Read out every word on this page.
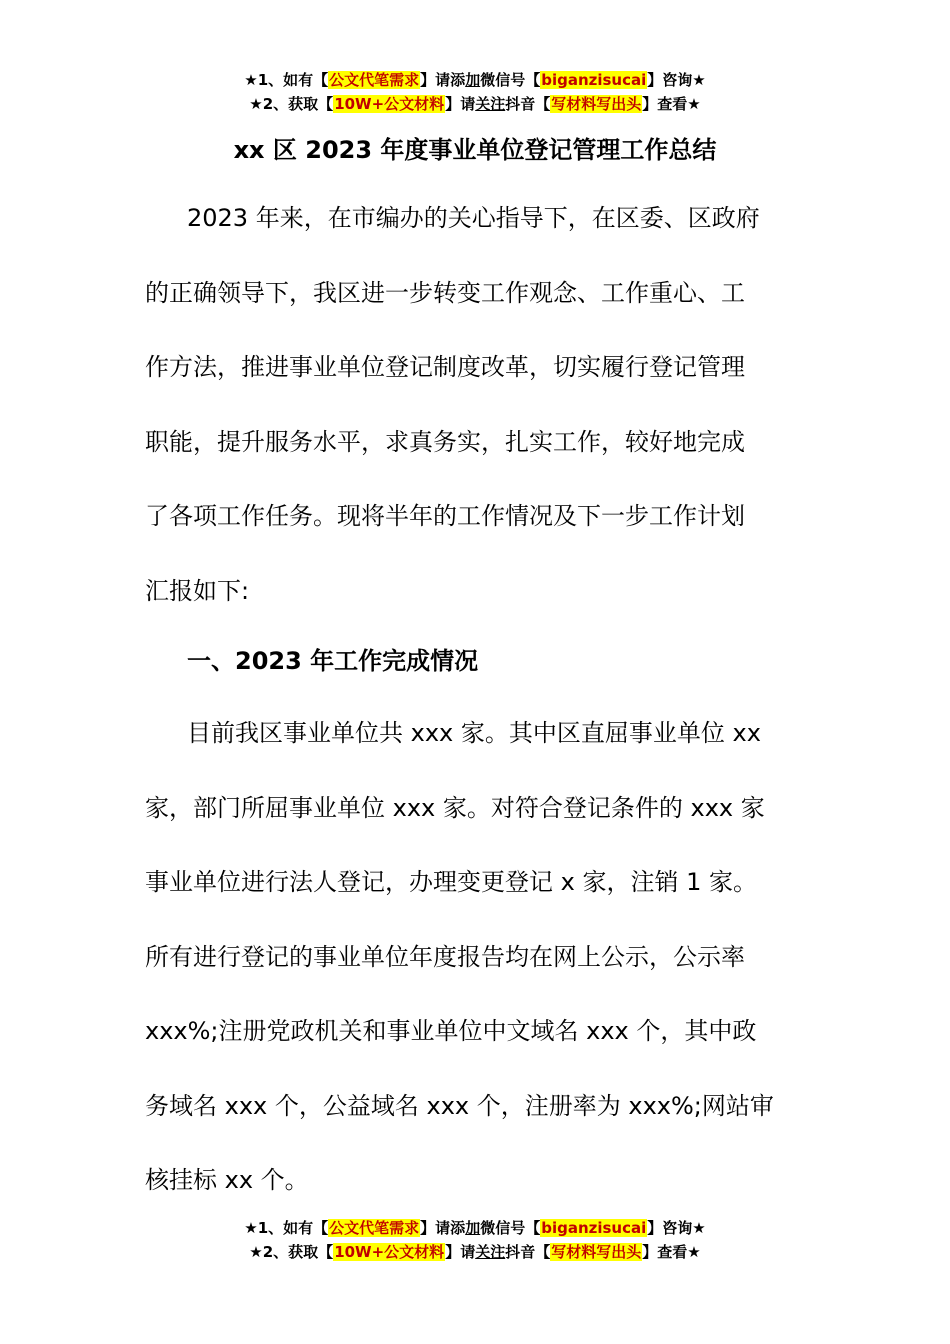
★1、如有【公文代笔需求】请添加微信号【biganzisucai】咨询★
★2、获取【10W+公文材料】请关注抖音【写材料写出头】查看★
xx 区 2023 年度事业单位登记管理工作总结
2023 年来，在市编办的关心指导下，在区委、区政府
的正确领导下，我区进一步转变工作观念、工作重心、工
作方法，推进事业单位登记制度改革，切实履行登记管理
职能，提升服务水平，求真务实，扎实工作，较好地完成
了各项工作任务。现将半年的工作情况及下一步工作计划
汇报如下:
一、2023 年工作完成情况
目前我区事业单位共 xxx 家。其中区直屈事业单位 xx
家，部门所屈事业单位 xxx 家。对符合登记条件的 xxx 家
事业单位进行法人登记，办理变更登记 x 家，注销 1 家。
所有进行登记的事业单位年度报告均在网上公示，公示率
xxx%;注册党政机关和事业单位中文域名 xxx 个，其中政
务域名 xxx 个，公益域名 xxx 个，注册率为 xxx%;网站审
核挂标 xx 个。
★1、如有【公文代笔需求】请添加微信号【biganzisucai】咨询★
★2、获取【10W+公文材料】请关注抖音【写材料写出头】查看★
